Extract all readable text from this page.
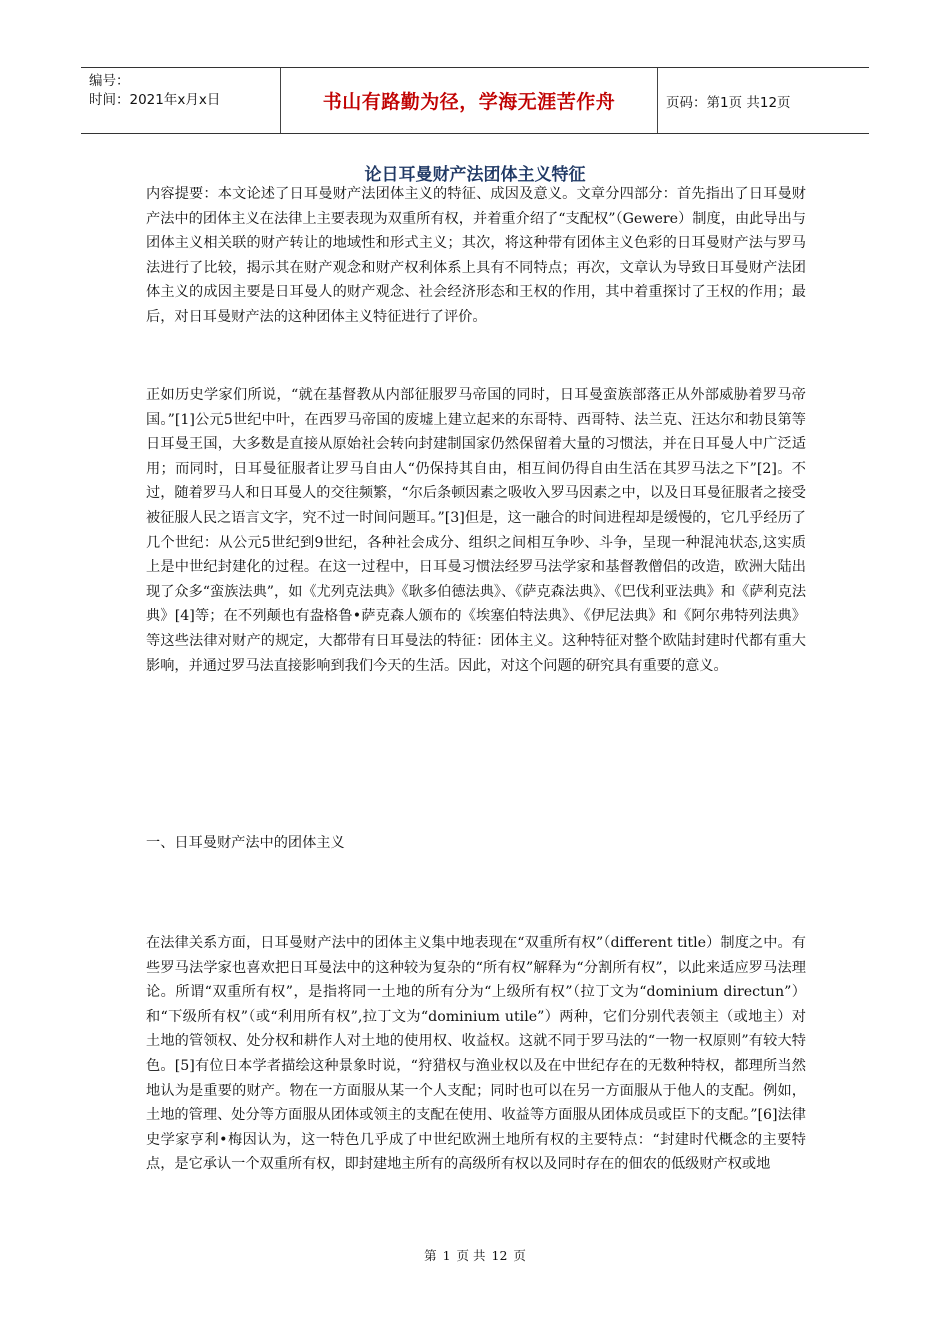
编号：
时间：2021年x月x日	书山有路勤为径，学海无涯苦作舟	页码：第1页 共12页
论日耳曼财产法团体主义特征

内容提要：本文论述了日耳曼财产法团体主义的特征、成因及意义。文章分四部分：首先指出了日耳曼财产法中的团体主义在法律上主要表现为双重所有权，并着重介绍了“支配权”（Gewere）制度，由此导出与团体主义相关联的财产转让的地域性和形式主义；其次，将这种带有团体主义色彩的日耳曼财产法与罗马法进行了比较，揭示其在财产观念和财产权利体系上具有不同特点；再次，文章认为导致日耳曼财产法团体主义的成因主要是日耳曼人的财产观念、社会经济形态和王权的作用，其中着重探讨了王权的作用；最后，对日耳曼财产法的这种团体主义特征进行了评价。

正如历史学家们所说，“就在基督教从内部征服罗马帝国的同时，日耳曼蛮族部落正从外部威胁着罗马帝国。”[1]公元5世纪中叶，在西罗马帝国的废墟上建立起来的东哥特、西哥特、法兰克、汪达尔和勃艮第等日耳曼王国，大多数是直接从原始社会转向封建制国家仍然保留着大量的习惯法，并在日耳曼人中广泛适用；而同时，日耳曼征服者让罗马自由人“仍保持其自由，相互间仍得自由生活在其罗马法之下”[2]。不过，随着罗马人和日耳曼人的交往频繁，“尔后条顿因素之吸收入罗马因素之中，以及日耳曼征服者之接受被征服人民之语言文字，究不过一时间问题耳。”[3]但是，这一融合的时间进程却是缓慢的，它几乎经历了几个世纪：从公元5世纪到9世纪，各种社会成分、组织之间相互争吵、斗争，呈现一种混沌状态,这实质上是中世纪封建化的过程。在这一过程中，日耳曼习惯法经罗马法学家和基督教僧侣的改造，欧洲大陆出现了众多“蛮族法典”，如《尤列克法典》《耿多伯德法典》、《萨克森法典》、《巴伐利亚法典》和《萨利克法典》[4]等；在不列颠也有盎格鲁•萨克森人颁布的《埃塞伯特法典》、《伊尼法典》和《阿尔弗特列法典》等这些法律对财产的规定，大都带有日耳曼法的特征：团体主义。这种特征对整个欧陆封建时代都有重大影响，并通过罗马法直接影响到我们今天的生活。因此，对这个问题的研究具有重要的意义。

一、日耳曼财产法中的团体主义

在法律关系方面，日耳曼财产法中的团体主义集中地表现在“双重所有权”（different title）制度之中。有些罗马法学家也喜欢把日耳曼法中的这种较为复杂的“所有权”解释为“分割所有权”，以此来适应罗马法理论。所谓“双重所有权”，是指将同一土地的所有分为“上级所有权”（拉丁文为“dominium directun”）和“下级所有权”（或“利用所有权”,拉丁文为“dominium utile”）两种，它们分别代表领主（或地主）对土地的管领权、处分权和耕作人对土地的使用权、收益权。这就不同于罗马法的“一物一权原则”有较大特色。[5]有位日本学者描绘这种景象时说，“狩猎权与渔业权以及在中世纪存在的无数种特权，都理所当然地认为是重要的财产。物在一方面服从某一个人支配；同时也可以在另一方面服从于他人的支配。例如，土地的管理、处分等方面服从团体或领主的支配在使用、收益等方面服从团体成员或臣下的支配。”[6]法律史学家亨利•梅因认为，这一特色几乎成了中世纪欧洲土地所有权的主要特点：“封建时代概念的主要特点，是它承认一个双重所有权，即封建地主所有的高级所有权以及同时存在的佃农的低级财产权或地

第 1 页 共 12 页
